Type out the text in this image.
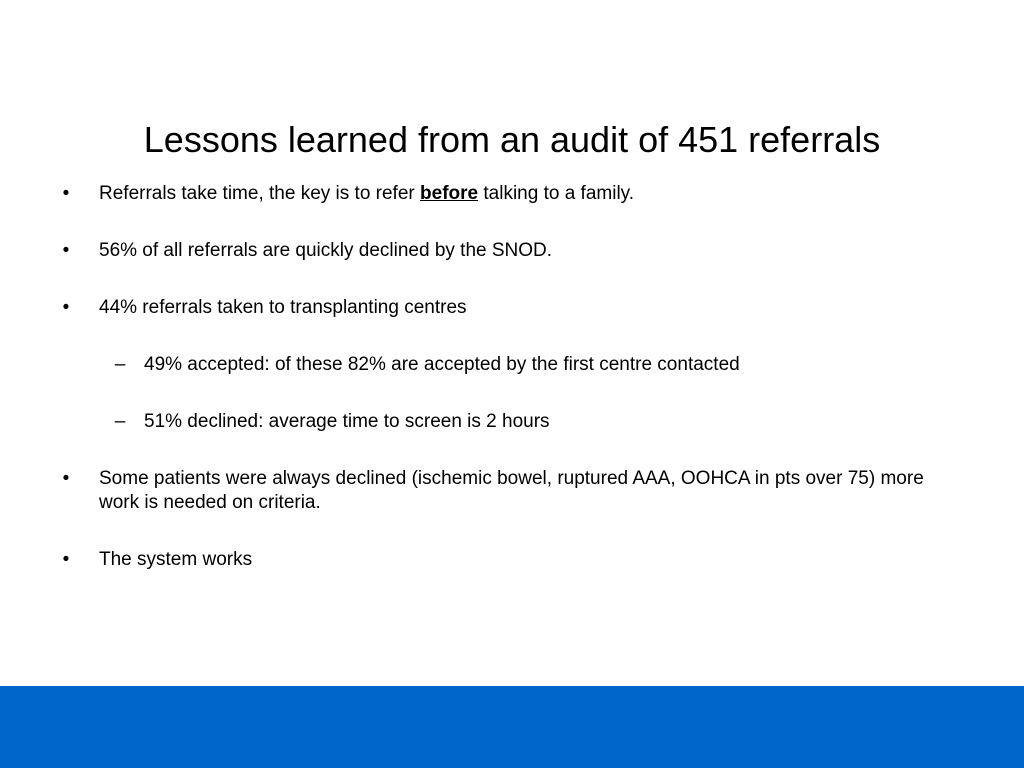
Lessons learned from an audit of 451 referrals
• Referrals take time, the key is to refer before talking to a family.
• 56% of all referrals are quickly declined by the SNOD.
• 44% referrals taken to transplanting centres
– 49% accepted: of these 82% are accepted by the first centre contacted
– 51% declined: average time to screen is 2 hours
• Some patients were always declined (ischemic bowel, ruptured AAA, OOHCA in pts over 75) more work is needed on criteria.
• The system works
